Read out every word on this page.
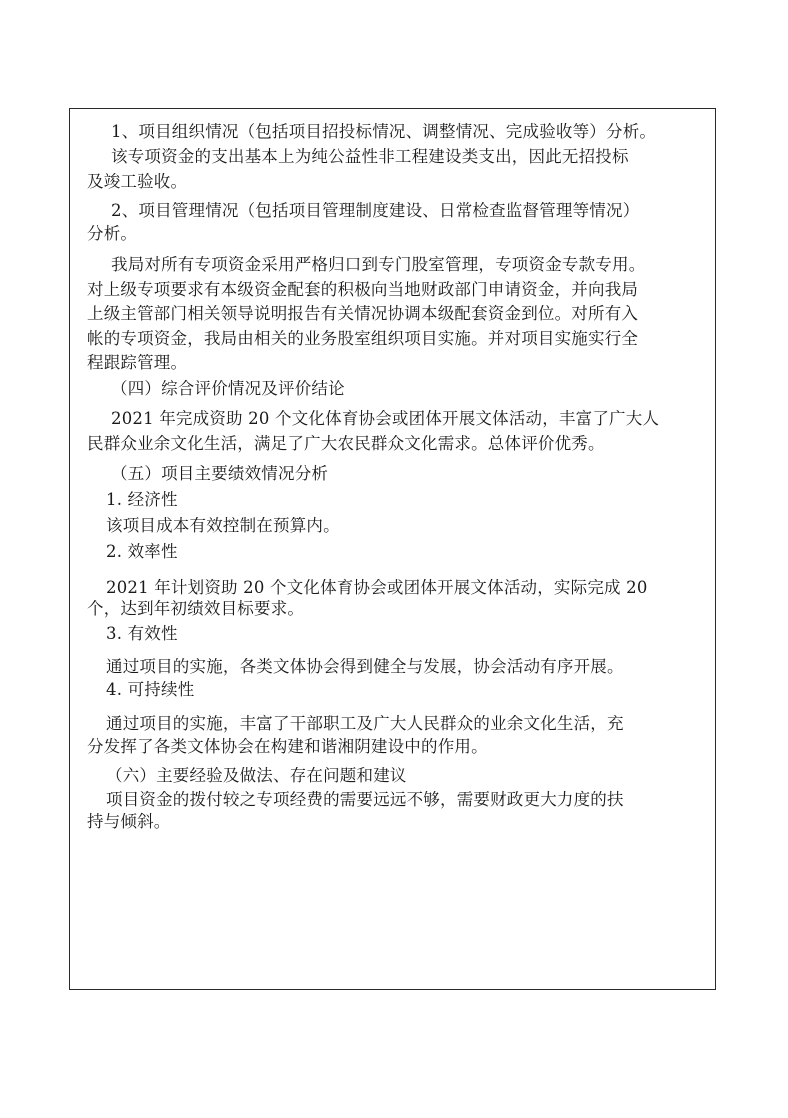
1、项目组织情况（包括项目招投标情况、调整情况、完成验收等）分析。
该专项资金的支出基本上为纯公益性非工程建设类支出，因此无招投标
及竣工验收。
2、项目管理情况（包括项目管理制度建设、日常检查监督管理等情况）
分析。
我局对所有专项资金采用严格归口到专门股室管理，专项资金专款专用。
对上级专项要求有本级资金配套的积极向当地财政部门申请资金，并向我局
上级主管部门相关领导说明报告有关情况协调本级配套资金到位。对所有入
帐的专项资金，我局由相关的业务股室组织项目实施。并对项目实施实行全
程跟踪管理。
（四）综合评价情况及评价结论
2021 年完成资助 20 个文化体育协会或团体开展文体活动，丰富了广大人
民群众业余文化生活，满足了广大农民群众文化需求。总体评价优秀。
（五）项目主要绩效情况分析
1. 经济性
该项目成本有效控制在预算内。
2. 效率性
2021 年计划资助 20 个文化体育协会或团体开展文体活动，实际完成 20
个，达到年初绩效目标要求。
3. 有效性
通过项目的实施，各类文体协会得到健全与发展，协会活动有序开展。
4. 可持续性
通过项目的实施，丰富了干部职工及广大人民群众的业余文化生活，充
分发挥了各类文体协会在构建和谐湘阴建设中的作用。
（六）主要经验及做法、存在问题和建议
项目资金的拨付较之专项经费的需要远远不够，需要财政更大力度的扶
持与倾斜。
